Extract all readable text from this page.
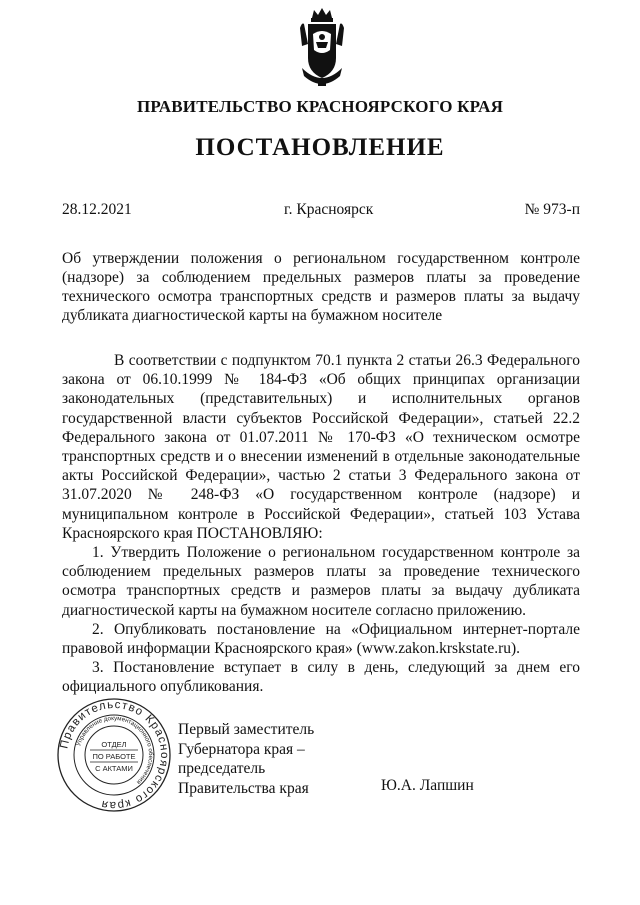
ПРАВИТЕЛЬСТВО КРАСНОЯРСКОГО КРАЯ
ПОСТАНОВЛЕНИЕ
28.12.2021	г. Красноярск	№ 973-п
Об утверждении положения о региональном государственном контроле (надзоре) за соблюдением предельных размеров платы за проведение технического осмотра транспортных средств и размеров платы за выдачу дубликата диагностической карты на бумажном носителе

В соответствии с подпунктом 70.1 пункта 2 статьи 26.3 Федерального закона от 06.10.1999 № 184-ФЗ «Об общих принципах организации законодательных (представительных) и исполнительных органов государственной власти субъектов Российской Федерации», статьей 22.2 Федерального закона от 01.07.2011 № 170-ФЗ «О техническом осмотре транспортных средств и о внесении изменений в отдельные законодательные акты Российской Федерации», частью 2 статьи 3 Федерального закона от 31.07.2020 № 248-ФЗ «О государственном контроле (надзоре) и муниципальном контроле в Российской Федерации», статьей 103 Устава Красноярского края ПОСТАНОВЛЯЮ:

1. Утвердить Положение о региональном государственном контроле за соблюдением предельных размеров платы за проведение технического осмотра транспортных средств и размеров платы за выдачу дубликата диагностической карты на бумажном носителе согласно приложению.

2. Опубликовать постановление на «Официальном интернет-портале правовой информации Красноярского края» (www.zakon.krskstate.ru).

3. Постановление вступает в силу в день, следующий за днем его официального опубликования.

Правительство Красноярского края
Управление документационного обеспечения
ОТДЕЛ
ПО РАБОТЕ
С АКТАМИ
Первый заместитель
Губернатора края –
председатель
Правительства края	Ю.А. Лапшин
